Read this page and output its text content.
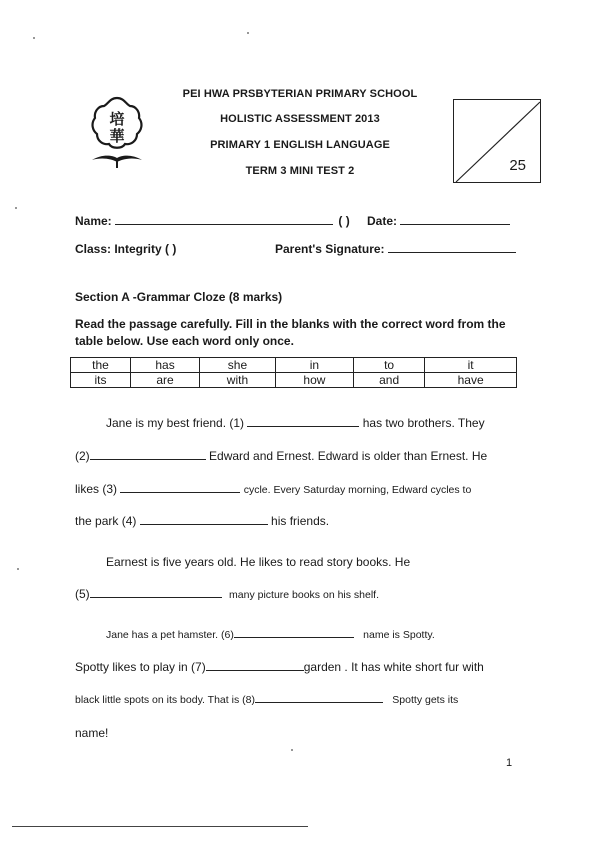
PEI HWA PRSBYTERIAN PRIMARY SCHOOL
HOLISTIC ASSESSMENT 2013
PRIMARY 1 ENGLISH LANGUAGE
TERM 3 MINI TEST 2
培
華
25
Name:	( ) Date:
Class: Integrity ( )	Parent's Signature:
Section A -Grammar Cloze (8 marks)
Read the passage carefully. Fill in the blanks with the correct word from the table below. Use each word only once.
the	has	she	in	to	it
its	are	with	how	and	have
Jane is my best friend. (1)	has two brothers. They
(2)	Edward and Ernest. Edward is older than Ernest. He
likes (3)	cycle. Every Saturday morning, Edward cycles to
the park (4)	his friends.
Earnest is five years old. He likes to read story books. He
(5)	many picture books on his shelf.
Jane has a pet hamster. (6)	name is Spotty.
Spotty likes to play in (7)	garden . It has white short fur with
black little spots on its body. That is (8)	Spotty gets its
name!
1
